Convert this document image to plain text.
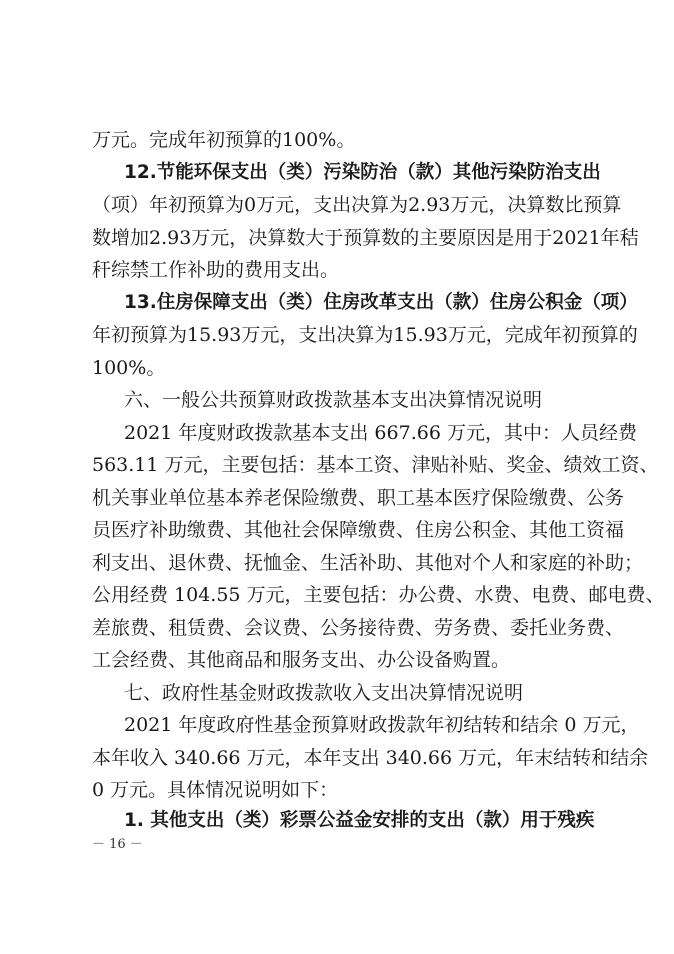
万元。完成年初预算的100%。
12.节能环保支出（类）污染防治（款）其他污染防治支出
（项）年初预算为0万元，支出决算为2.93万元，决算数比预算
数增加2.93万元，决算数大于预算数的主要原因是用于2021年秸
秆综禁工作补助的费用支出。
13.住房保障支出（类）住房改革支出（款）住房公积金（项）
年初预算为15.93万元，支出决算为15.93万元，完成年初预算的
100%。
六、一般公共预算财政拨款基本支出决算情况说明
2021 年度财政拨款基本支出 667.66 万元，其中：人员经费
563.11 万元，主要包括：基本工资、津贴补贴、奖金、绩效工资、
机关事业单位基本养老保险缴费、职工基本医疗保险缴费、公务
员医疗补助缴费、其他社会保障缴费、住房公积金、其他工资福
利支出、退休费、抚恤金、生活补助、其他对个人和家庭的补助；
公用经费 104.55 万元，主要包括：办公费、水费、电费、邮电费、
差旅费、租赁费、会议费、公务接待费、劳务费、委托业务费、
工会经费、其他商品和服务支出、办公设备购置。
七、政府性基金财政拨款收入支出决算情况说明
2021 年度政府性基金预算财政拨款年初结转和结余 0 万元，
本年收入 340.66 万元，本年支出 340.66 万元，年末结转和结余
0 万元。具体情况说明如下：
1. 其他支出（类）彩票公益金安排的支出（款）用于残疾
－ 16 －
